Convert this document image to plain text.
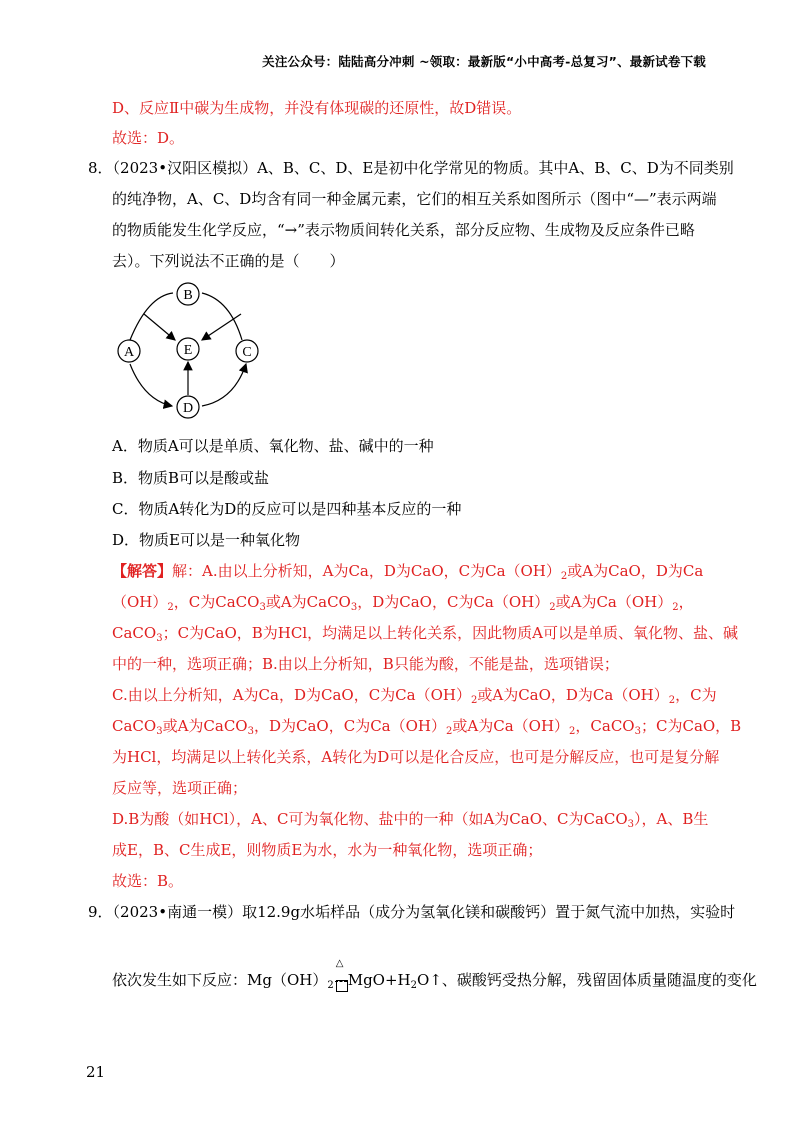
关注公众号：陆陆高分冲刺 ~领取：最新版“小中高考-总复习”、最新试卷下载
D、反应Ⅱ中碳为生成物，并没有体现碳的还原性，故D错误。
故选：D。
8．（2023•汉阳区模拟）A、B、C、D、E是初中化学常见的物质。其中A、B、C、D为不同类别
的纯净物，A、C、D均含有同一种金属元素，它们的相互关系如图所示（图中“—”表示两端
的物质能发生化学反应，“→”表示物质间转化关系，部分反应物、生成物及反应条件已略
去）。下列说法不正确的是（　　）
B
A	E	C
D
A．物质A可以是单质、氧化物、盐、碱中的一种
B．物质B可以是酸或盐
C．物质A转化为D的反应可以是四种基本反应的一种
D．物质E可以是一种氧化物
【解答】解：A.由以上分析知，A为Ca，D为CaO，C为$Ca(OH)_2$或A为CaO，D为Ca
$(OH)_2$，C为CaCO$_3$或A为CaCO$_3$，D为CaO，C为$Ca(OH)_2$或A为$Ca(OH)_2$，
CaCO$_3$；C为CaO，B为HCl，均满足以上转化关系，因此物质A可以是单质、氧化物、盐、碱
中的一种，选项正确；B.由以上分析知，B只能为酸，不能是盐，选项错误；
C.由以上分析知，A为Ca，D为CaO，C为$Ca(OH)_2$或A为CaO，D为$Ca(OH)_2$，C为
CaCO$_3$或A为CaCO$_3$，D为CaO，C为$Ca(OH)_2$或A为$Ca(OH)_2$，CaCO$_3$；C为CaO，B
为HCl，均满足以上转化关系，A转化为D可以是化合反应，也可是分解反应，也可是复分解
反应等，选项正确；
D.B为酸（如HCl），A、C可为氧化物、盐中的一种（如A为CaO、C为CaCO$_3$），A、B生
成E，B、C生成E，则物质E为水，水为一种氧化物，选项正确；
故选：B。
9．（2023•南通一模）取12.9g水垢样品（成分为氢氧化镁和碳酸钙）置于氮气流中加热，实验时
依次发生如下反应：$Mg(OH)_2$
△
$MgO+H_2O↑$、碳酸钙受热分解，残留固体质量随温度的变化
21
